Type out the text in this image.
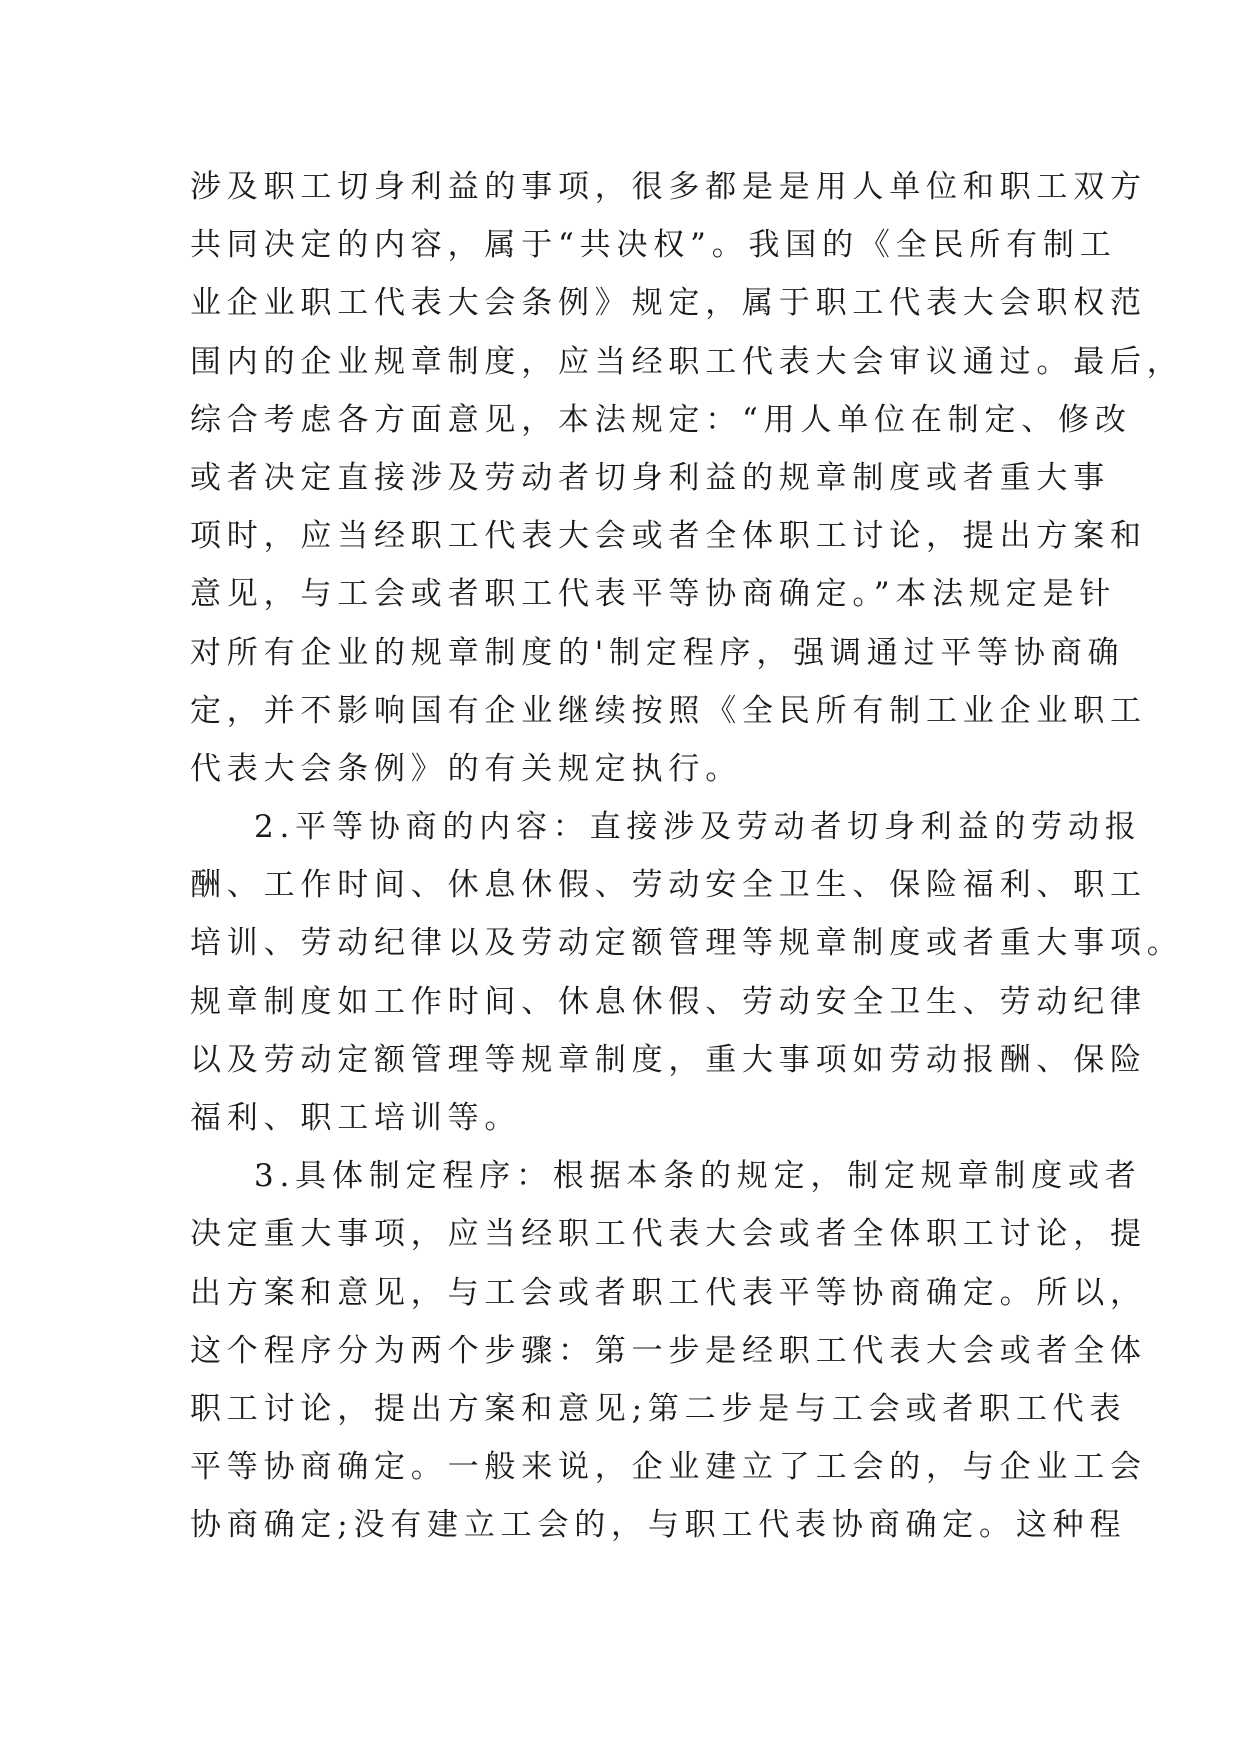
涉及职工切身利益的事项，很多都是是用人单位和职工双方
共同决定的内容，属于“共决权”。我国的《全民所有制工
业企业职工代表大会条例》规定，属于职工代表大会职权范
围内的企业规章制度，应当经职工代表大会审议通过。最后，
综合考虑各方面意见，本法规定：“用人单位在制定、修改
或者决定直接涉及劳动者切身利益的规章制度或者重大事
项时，应当经职工代表大会或者全体职工讨论，提出方案和
意见，与工会或者职工代表平等协商确定。”本法规定是针
对所有企业的规章制度的'制定程序，强调通过平等协商确
定，并不影响国有企业继续按照《全民所有制工业企业职工
代表大会条例》的有关规定执行。
2.平等协商的内容：直接涉及劳动者切身利益的劳动报
酬、工作时间、休息休假、劳动安全卫生、保险福利、职工
培训、劳动纪律以及劳动定额管理等规章制度或者重大事项。
规章制度如工作时间、休息休假、劳动安全卫生、劳动纪律
以及劳动定额管理等规章制度，重大事项如劳动报酬、保险
福利、职工培训等。
3.具体制定程序：根据本条的规定，制定规章制度或者
决定重大事项，应当经职工代表大会或者全体职工讨论，提
出方案和意见，与工会或者职工代表平等协商确定。所以，
这个程序分为两个步骤：第一步是经职工代表大会或者全体
职工讨论，提出方案和意见;第二步是与工会或者职工代表
平等协商确定。一般来说，企业建立了工会的，与企业工会
协商确定;没有建立工会的，与职工代表协商确定。这种程
